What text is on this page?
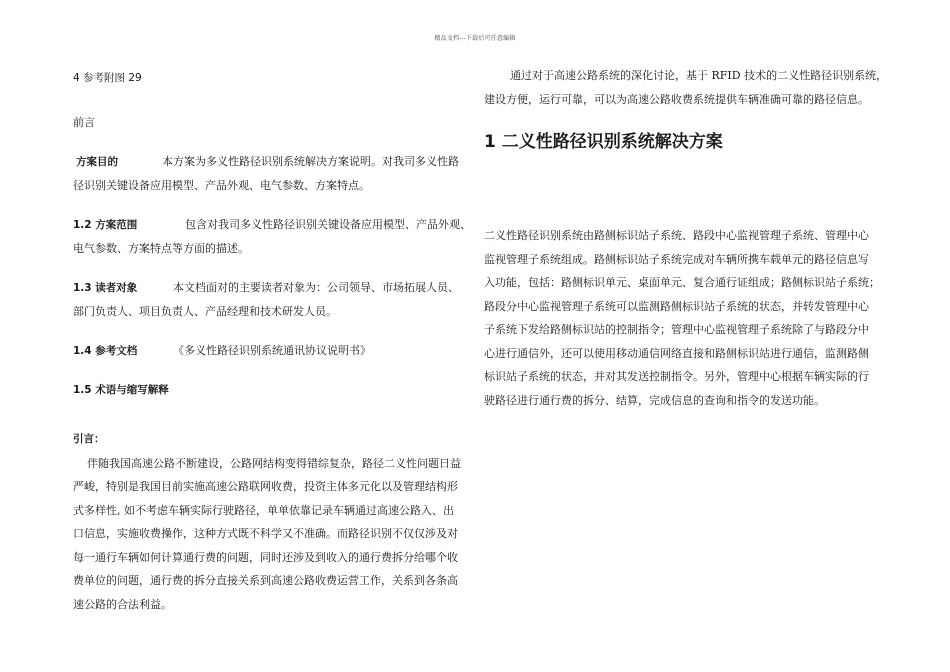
精品文档---下载后可任意编辑
4 参考附图 29
前言
方案目的	本方案为多义性路径识别系统解决方案说明。对我司多义性路
径识别关键设备应用模型、产品外观、电气参数、方案特点。
1.2 方案范围	包含对我司多义性路径识别关键设备应用模型、产品外观、
电气参数、方案特点等方面的描述。
1.3 读者对象	本文档面对的主要读者对象为：公司领导、市场拓展人员、
部门负责人、项目负责人、产品经理和技术研发人员。
1.4 参考文档	《多义性路径识别系统通讯协议说明书》
1.5 术语与缩写解释
引言：
伴随我国高速公路不断建设，公路网结构变得错综复杂，路径二义性问题日益
严峻，特别是我国目前实施高速公路联网收费，投资主体多元化以及管理结构形
式多样性, 如不考虑车辆实际行驶路径，单单依靠记录车辆通过高速公路入、出
口信息，实施收费操作，这种方式既不科学又不准确。而路径识别不仅仅涉及对
每一通行车辆如何计算通行费的问题，同时还涉及到收入的通行费拆分给哪个收
费单位的问题，通行费的拆分直接关系到高速公路收费运营工作，关系到各条高
速公路的合法利益。
通过对于高速公路系统的深化讨论，基于 RFID 技术的二义性路径识别系统，
建设方便，运行可靠，可以为高速公路收费系统提供车辆准确可靠的路径信息。
1 二义性路径识别系统解决方案
二义性路径识别系统由路侧标识站子系统、路段中心监视管理子系统、管理中心
监视管理子系统组成。路侧标识站子系统完成对车辆所携车载单元的路径信息写
入功能，包括：路侧标识单元、桌面单元、复合通行证组成；路侧标识站子系统；
路段分中心监视管理子系统可以监测路侧标识站子系统的状态，并转发管理中心
子系统下发给路侧标识站的控制指令；管理中心监视管理子系统除了与路段分中
心进行通信外，还可以使用移动通信网络直接和路侧标识站进行通信，监测路侧
标识站子系统的状态，并对其发送控制指令。另外，管理中心根据车辆实际的行
驶路径进行通行费的拆分、结算，完成信息的查询和指令的发送功能。
